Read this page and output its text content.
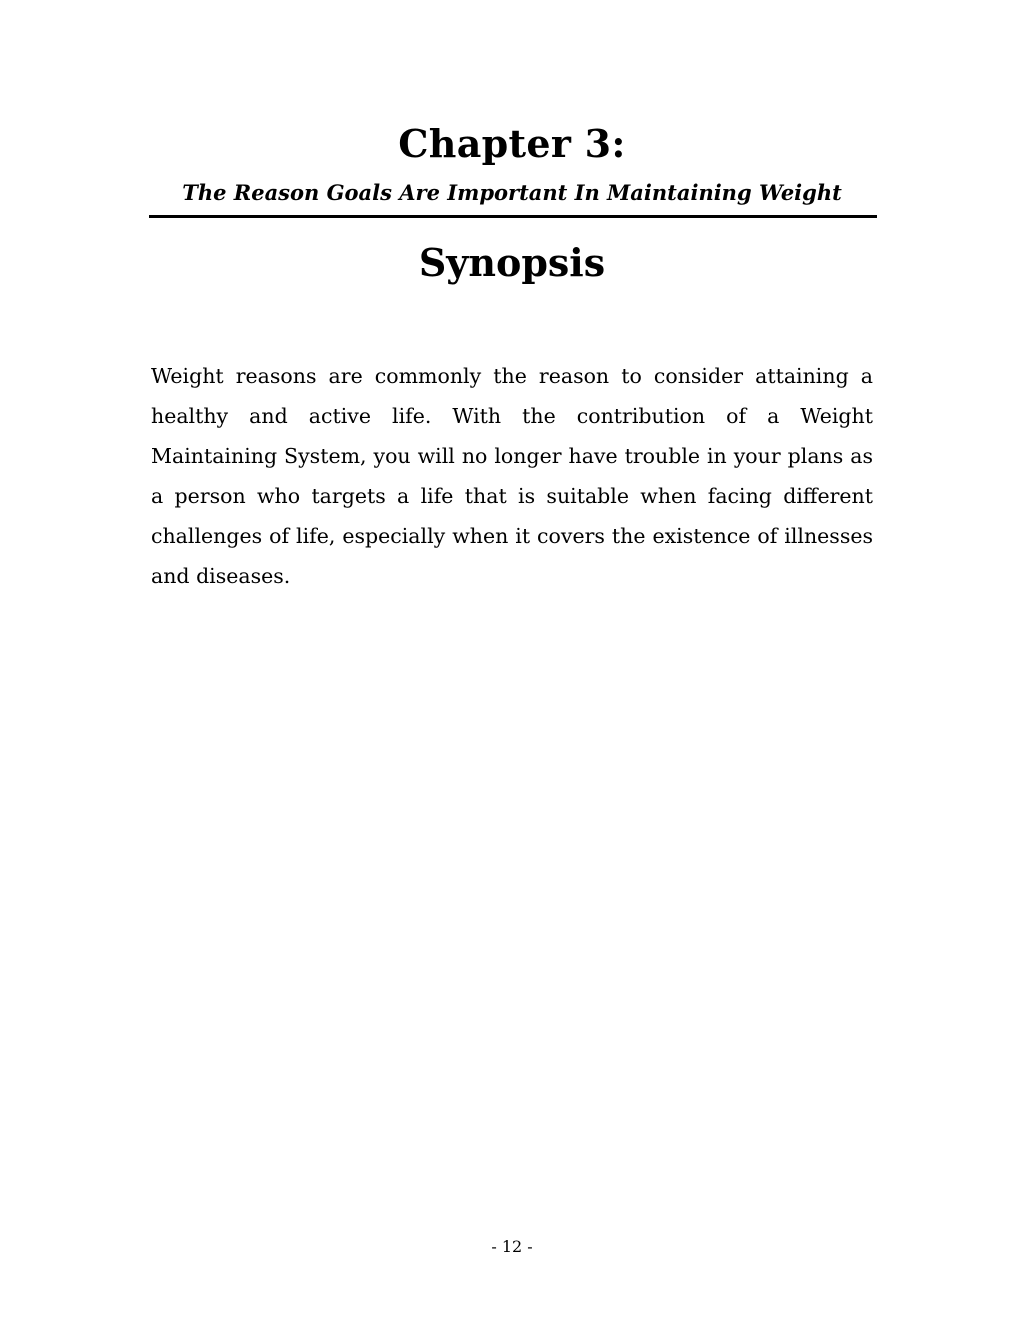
Chapter 3:
The Reason Goals Are Important In Maintaining Weight
Synopsis

Weight reasons are commonly the reason to consider attaining a healthy and active life. With the contribution of a Weight Maintaining System, you will no longer have trouble in your plans as a person who targets a life that is suitable when facing different challenges of life, especially when it covers the existence of illnesses and diseases.

- 12 -
